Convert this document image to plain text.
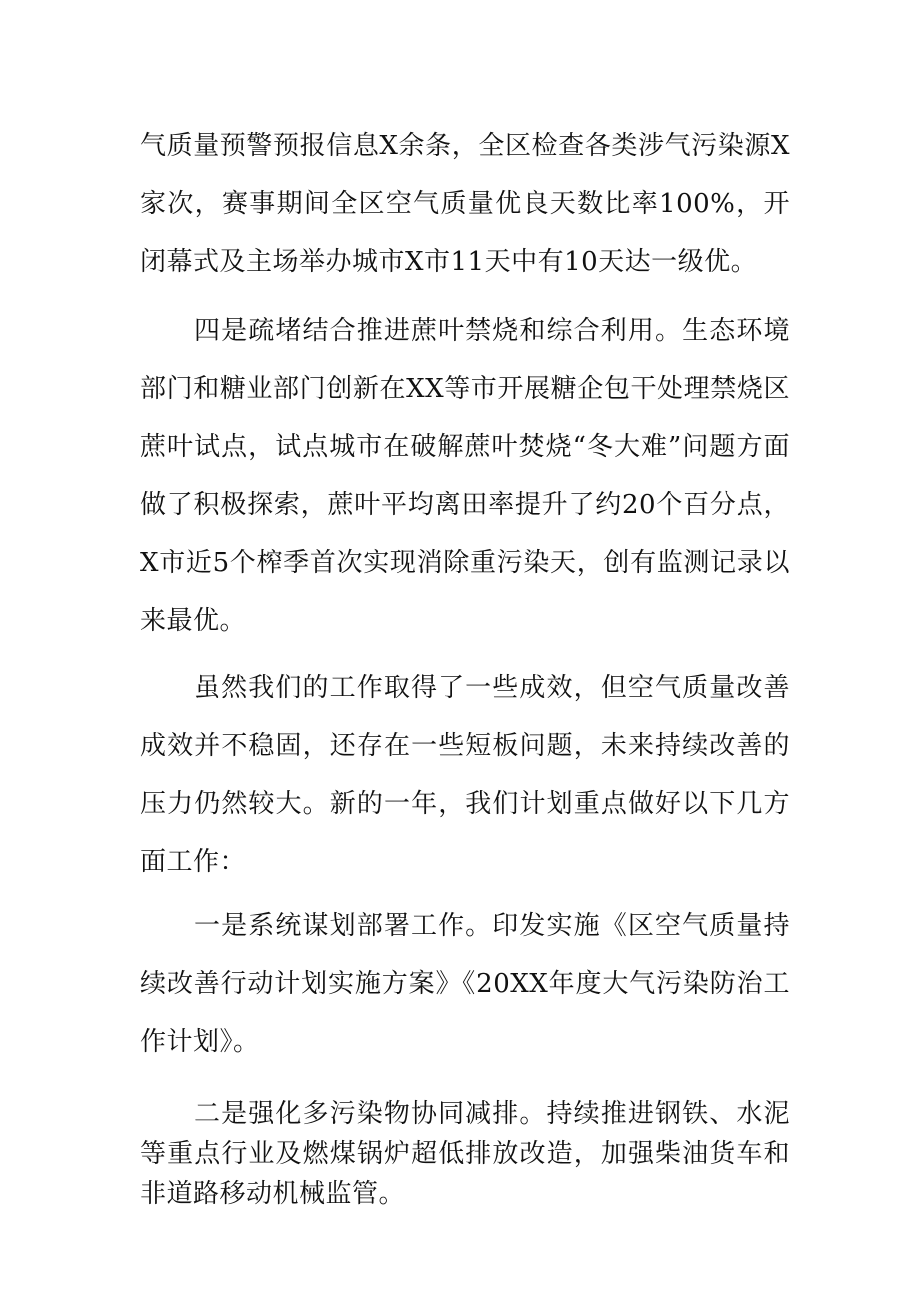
气质量预警预报信息X余条，全区检查各类涉气污染源X家次，赛事期间全区空气质量优良天数比率100%，开闭幕式及主场举办城市X市11天中有10天达一级优。

四是疏堵结合推进蔗叶禁烧和综合利用。生态环境部门和糖业部门创新在XX等市开展糖企包干处理禁烧区蔗叶试点，试点城市在破解蔗叶焚烧“冬大难”问题方面做了积极探索，蔗叶平均离田率提升了约20个百分点，X市近5个榨季首次实现消除重污染天，创有监测记录以来最优。

虽然我们的工作取得了一些成效，但空气质量改善成效并不稳固，还存在一些短板问题，未来持续改善的压力仍然较大。新的一年，我们计划重点做好以下几方面工作：

一是系统谋划部署工作。印发实施《区空气质量持续改善行动计划实施方案》《20XX年度大气污染防治工作计划》。

二是强化多污染物协同减排。持续推进钢铁、水泥等重点行业及燃煤锅炉超低排放改造，加强柴油货车和非道路移动机械监管。
